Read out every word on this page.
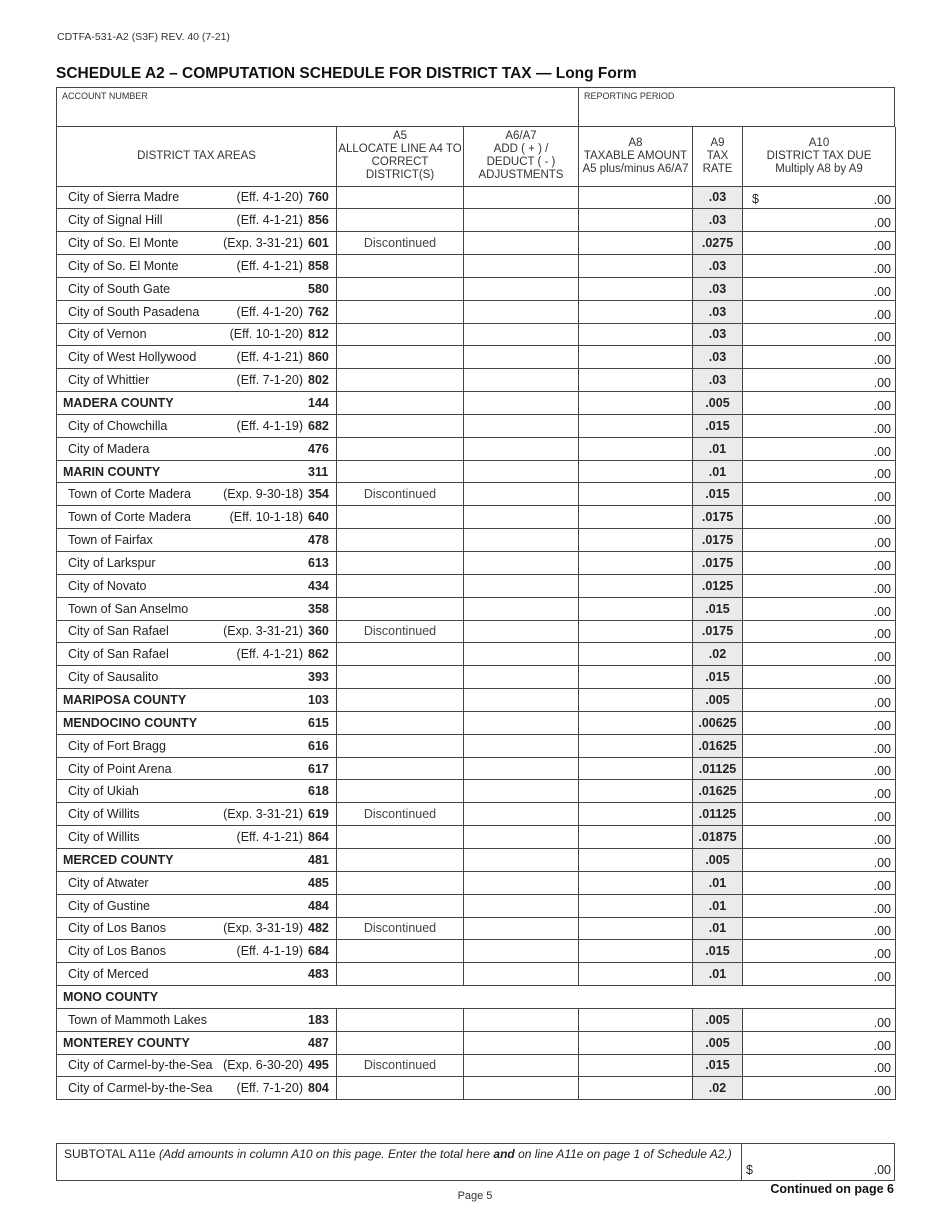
CDTFA-531-A2 (S3F) REV. 40 (7-21)
SCHEDULE A2 – COMPUTATION SCHEDULE FOR DISTRICT TAX — Long Form
ACCOUNT NUMBER	REPORTING PERIOD
DISTRICT TAX AREAS	A5
ALLOCATE LINE A4 TO
CORRECT DISTRICT(S)	A6/A7
ADD ( + ) /
DEDUCT ( - )
ADJUSTMENTS	A8
TAXABLE AMOUNT
A5 plus/minus A6/A7	A9
TAX
RATE	A10
DISTRICT TAX DUE
Multiply A8 by A9

City of Sierra Madre (Eff. 4-1-20) 760				.03	$ .00

City of Signal Hill (Eff. 4-1-21) 856				.03	.00

City of So. El Monte (Exp. 3-31-21) 601	Discontinued			.0275	.00

City of So. El Monte (Eff. 4-1-21) 858				.03	.00

City of South Gate 580				.03	.00

City of South Pasadena (Eff. 4-1-20) 762				.03	.00

City of Vernon (Eff. 10-1-20) 812				.03	.00

City of West Hollywood (Eff. 4-1-21) 860				.03	.00

City of Whittier (Eff. 7-1-20) 802				.03	.00

MADERA COUNTY 144				.005	.00

City of Chowchilla (Eff. 4-1-19) 682				.015	.00

City of Madera 476				.01	.00

MARIN COUNTY 311				.01	.00

Town of Corte Madera (Exp. 9-30-18) 354	Discontinued			.015	.00

Town of Corte Madera (Eff. 10-1-18) 640				.0175	.00

Town of Fairfax 478				.0175	.00

City of Larkspur 613				.0175	.00

City of Novato 434				.0125	.00

Town of San Anselmo 358				.015	.00

City of San Rafael (Exp. 3-31-21) 360	Discontinued			.0175	.00

City of San Rafael (Eff. 4-1-21) 862				.02	.00

City of Sausalito 393				.015	.00

MARIPOSA COUNTY 103				.005	.00

MENDOCINO COUNTY 615				.00625	.00

City of Fort Bragg 616				.01625	.00

City of Point Arena 617				.01125	.00

City of Ukiah 618				.01625	.00

City of Willits (Exp. 3-31-21) 619	Discontinued			.01125	.00

City of Willits (Eff. 4-1-21) 864				.01875	.00

MERCED COUNTY 481				.005	.00

City of Atwater 485				.01	.00

City of Gustine 484				.01	.00

City of Los Banos (Exp. 3-31-19) 482	Discontinued			.01	.00

City of Los Banos (Eff. 4-1-19) 684				.015	.00

City of Merced 483				.01	.00

MONO COUNTY					

Town of Mammoth Lakes 183				.005	.00

MONTEREY COUNTY 487				.005	.00

City of Carmel-by-the-Sea (Exp. 6-30-20) 495	Discontinued			.015	.00

City of Carmel-by-the-Sea (Eff. 7-1-20) 804				.02	.00
SUBTOTAL A11e (Add amounts in column A10 on this page. Enter the total here and on line A11e on page 1 of Schedule A2.)
$	.00
Continued on page 6
Page 5
